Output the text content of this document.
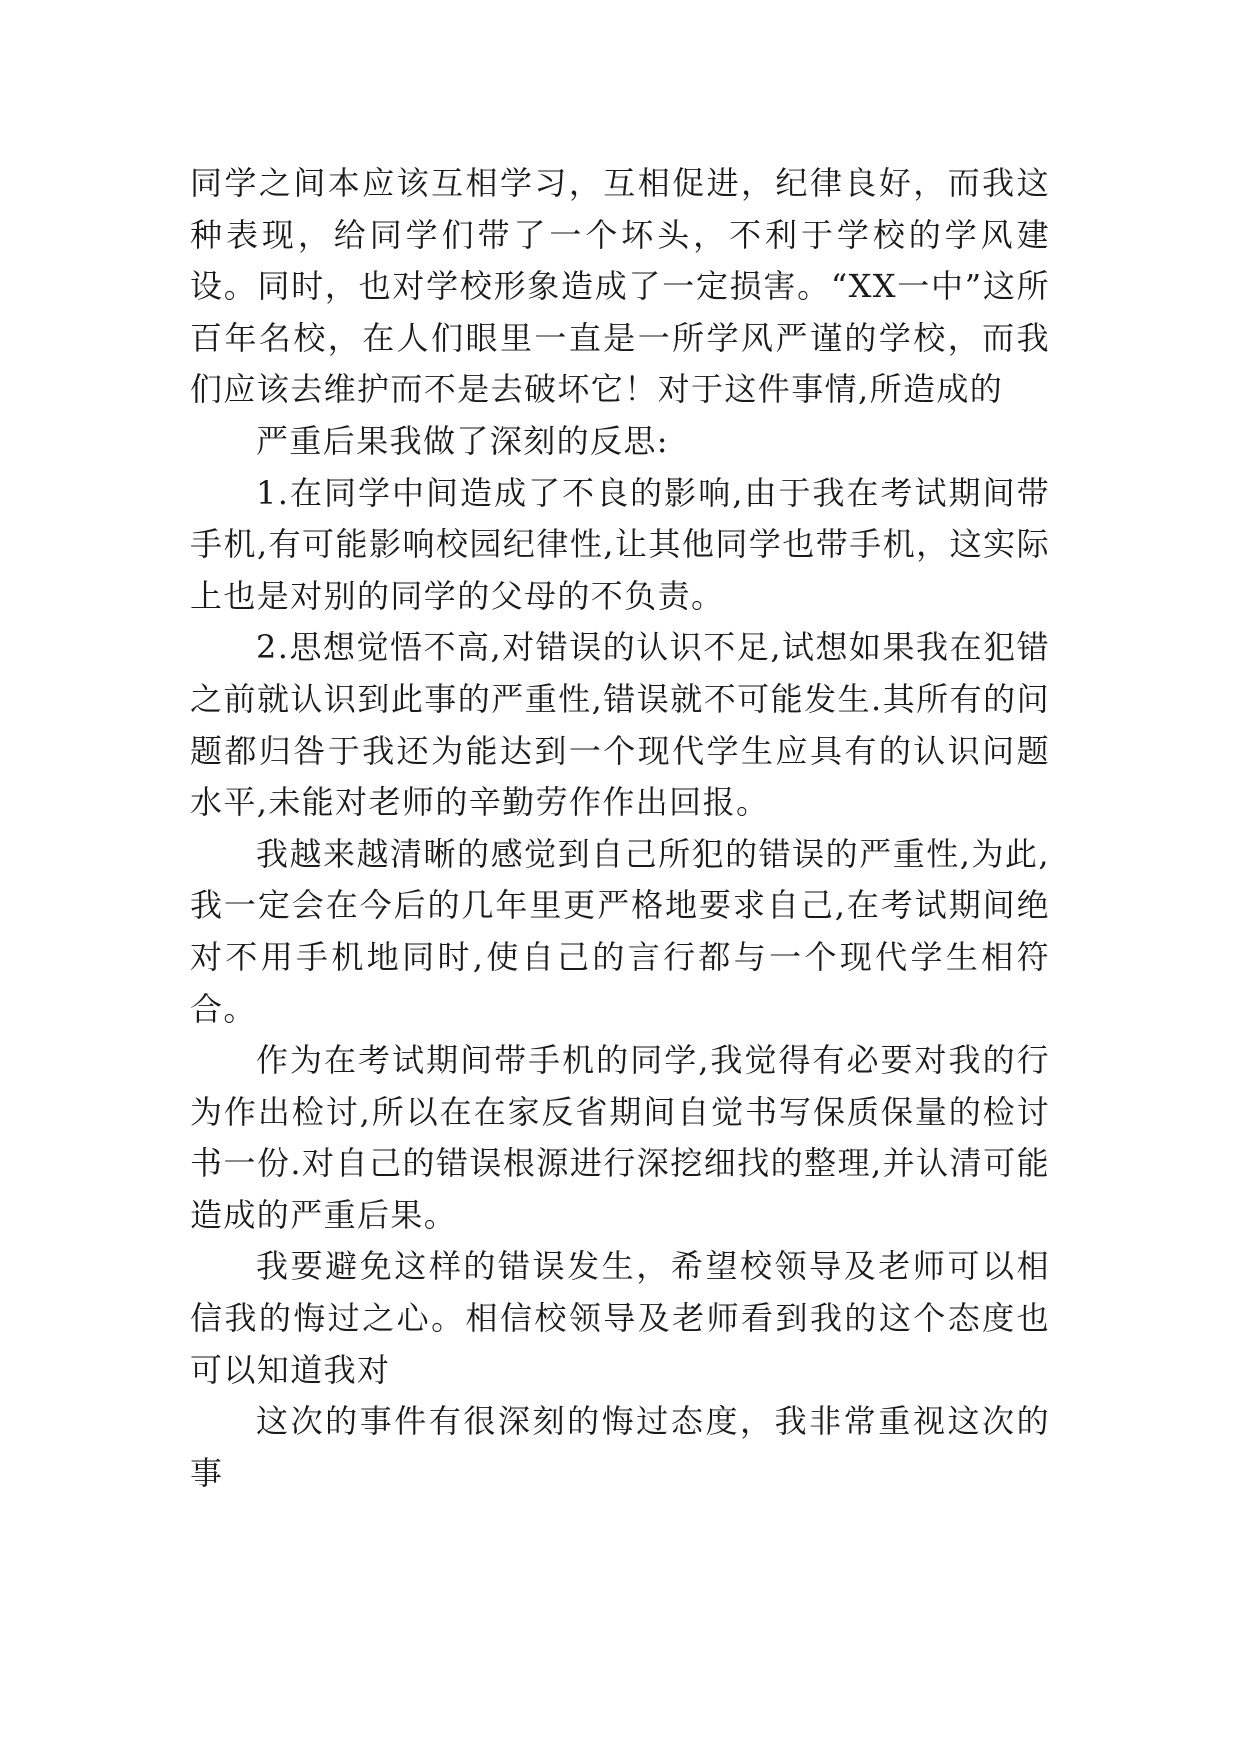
同学之间本应该互相学习，互相促进，纪律良好，而我这种表现，给同学们带了一个坏头，不利于学校的学风建设。同时，也对学校形象造成了一定损害。“XX一中”这所百年名校，在人们眼里一直是一所学风严谨的学校，而我们应该去维护而不是去破坏它！对于这件事情,所造成的

严重后果我做了深刻的反思:

1.在同学中间造成了不良的影响,由于我在考试期间带手机,有可能影响校园纪律性,让其他同学也带手机，这实际上也是对别的同学的父母的不负责。

2.思想觉悟不高,对错误的认识不足,试想如果我在犯错之前就认识到此事的严重性,错误就不可能发生.其所有的问题都归咎于我还为能达到一个现代学生应具有的认识问题水平,未能对老师的辛勤劳作作出回报。

我越来越清晰的感觉到自己所犯的错误的严重性,为此,我一定会在今后的几年里更严格地要求自己,在考试期间绝对不用手机地同时,使自己的言行都与一个现代学生相符合。

作为在考试期间带手机的同学,我觉得有必要对我的行为作出检讨,所以在在家反省期间自觉书写保质保量的检讨书一份.对自己的错误根源进行深挖细找的整理,并认清可能造成的严重后果。

我要避免这样的错误发生，希望校领导及老师可以相信我的悔过之心。相信校领导及老师看到我的这个态度也可以知道我对

这次的事件有很深刻的悔过态度，我非常重视这次的事
